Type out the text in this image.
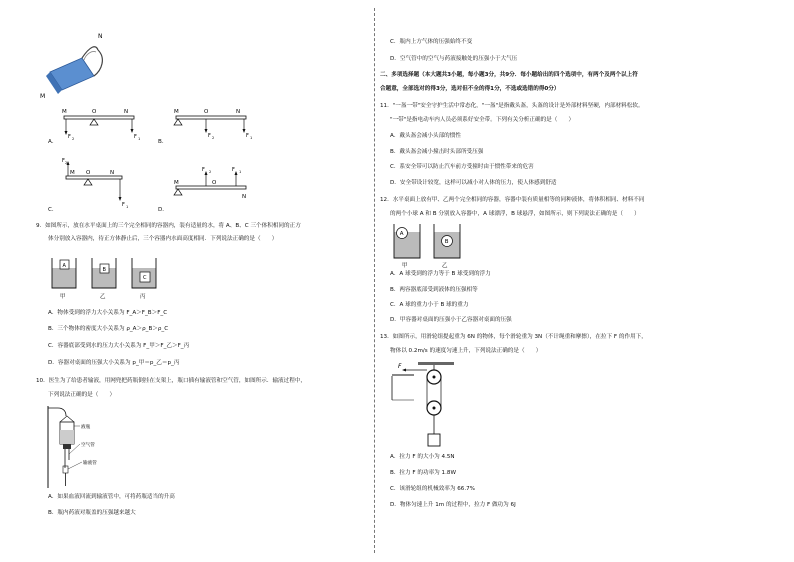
N
M
M	O	N
F 2	F 1
A．
M	O	N
F 2	F 1
B．
F 2
M O	N
F 1
C．
F 2	F 1
M	O
N
D．
9．如图所示，放在水平桌面上的三个完全相同的容器内，装有适量的水，将 A、B、C 三个体积相同的正方
体分别放入容器内，待正方体静止后，三个容器内水面高度相同．下列说法正确的是（　　）
A
甲
B
乙
C
丙
A．物体受到的浮力大小关系为 F_A＞F_B＞F_C
B．三个物体的密度大小关系为 ρ_A＞ρ_B＞ρ_C
C．容器底部受到水的压力大小关系为 F_甲＞F_乙＞F_丙
D．容器对桌面的压强大小关系为 p_甲＝p_乙＝p_丙
10．医生为了给患者输液，用网兜把药瓶倒挂在支架上，瓶口插有输液管和空气管，如图所示．输液过程中，
下列说法正确的是（　　）
液瓶
空气管
输液管
A．如果血液回流到输液管中，可将药瓶适当的升高
B．瓶内药液对瓶盖的压强越来越大
C．瓶内上方气体的压强始终不变
D．空气管中的空气与药液接触处的压强小于大气压
二、多项选择题（本大题共3小题，每小题3分，共9分．每小题给出的四个选项中，有两个及两个以上符
合题意，全部选对的得3分，选对但不全的得1分，不选或选错的得0分）
11．"一盔一带"安全守护生活中常态化，"一盔"是指戴头盔，头盔的设计是外部材料坚硬，内部材料松软。
"一带"是指电动车内人员必须系好安全带。下列有关分析正确的是（　　）
A．戴头盔会减小头部的惯性
B．戴头盔会减小撞击时头部所受压强
C．系安全带可以防止汽车前方受撞时由于惯性带来的危害
D．安全带设计较宽，这样可以减小对人体的压力，使人体感到舒适
12．水平桌面上放有甲、乙两个完全相同的容器，容器中装有质量相等的同种液体，将体积相同、材料不同
的两个小球 A 和 B 分别放入容器中，A 球漂浮，B 球悬浮，如图所示，则下列说法正确的是（　　）
A
甲
B
乙
A．A 球受到的浮力等于 B 球受到的浮力
B．两容器底部受到液体的压强相等
C．A 球的重力小于 B 球的重力
D．甲容器对桌面的压强小于乙容器对桌面的压强
13．如图所示，用滑轮组提起重为 6N 的物体，每个滑轮重为 3N（不计绳重和摩擦），在拉下 F 的作用下，
物体以 0.2m/s 的速度匀速上升，下列说法正确的是（　　）
F
A．拉力 F 的大小为 4.5N
B．拉力 F 的功率为 1.8W
C．该滑轮组的机械效率为 66.7%
D．物体匀速上升 1m 的过程中，拉力 F 做功为 6J
